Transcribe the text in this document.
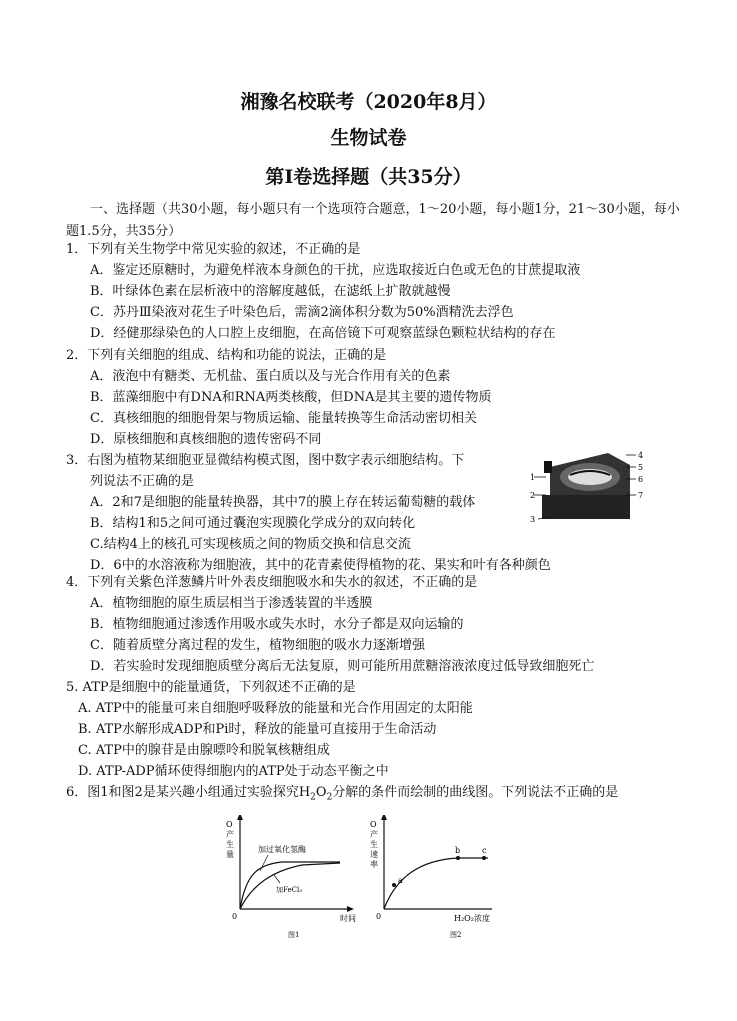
湘豫名校联考（2020年8月）
生物试卷
第Ⅰ卷选择题（共35分）
一、选择题（共30小题，每小题只有一个选项符合题意，1～20小题，每小题1分，21～30小题，每小题1.5分，共35分）
1．下列有关生物学中常见实验的叙述，不正确的是
A．鉴定还原糖时，为避免样液本身颜色的干扰，应选取接近白色或无色的甘蔗提取液
B．叶绿体色素在层析液中的溶解度越低，在滤纸上扩散就越慢
C．苏丹Ⅲ染液对花生子叶染色后，需滴2滴体积分数为50%酒精洗去浮色
D．经健那绿染色的人口腔上皮细胞，在高倍镜下可观察蓝绿色颗粒状结构的存在
2．下列有关细胞的组成、结构和功能的说法，正确的是
A．液泡中有糖类、无机盐、蛋白质以及与光合作用有关的色素
B．蓝藻细胞中有DNA和RNA两类核酸，但DNA是其主要的遗传物质
C．真核细胞的细胞骨架与物质运输、能量转换等生命活动密切相关
D．原核细胞和真核细胞的遗传密码不同
3．右图为植物某细胞亚显微结构模式图，图中数字表示细胞结构。下
列说法不正确的是
A．2和7是细胞的能量转换器，其中7的膜上存在转运葡萄糖的载体
B．结构1和5之间可通过囊泡实现膜化学成分的双向转化
C.结构4上的核孔可实现核质之间的物质交换和信息交流
D．6中的水溶液称为细胞液，其中的花青素使得植物的花、果实和叶有各种颜色
4
5
6
7
1
2
3
4．下列有关紫色洋葱鳞片叶外表皮细胞吸水和失水的叙述，不正确的是
A．植物细胞的原生质层相当于渗透装置的半透膜
B．植物细胞通过渗透作用吸水或失水时，水分子都是双向运输的
C．随着质壁分离过程的发生，植物细胞的吸水力逐渐增强
D．若实验时发现细胞质壁分离后无法复原，则可能所用蔗糖溶液浓度过低导致细胞死亡
5. ATP是细胞中的能量通货，下列叙述不正确的是
A. ATP中的能量可来自细胞呼吸释放的能量和光合作用固定的太阳能
B. ATP水解形成ADP和Pi时，释放的能量可直接用于生命活动
C. ATP中的腺苷是由腺嘌呤和脱氧核糖组成
D. ATP-ADP循环使得细胞内的ATP处于动态平衡之中
6．图1和图2是某兴趣小组通过实验探究$H_2O_2$分解的条件而绘制的曲线图。下列说法不正确的是
O
产
生
量
加过氧化氢酶
加FeCl₃
0	时间
图1
a
b	c
O
产
生
速
率
0	H₂O₂浓度
图2
